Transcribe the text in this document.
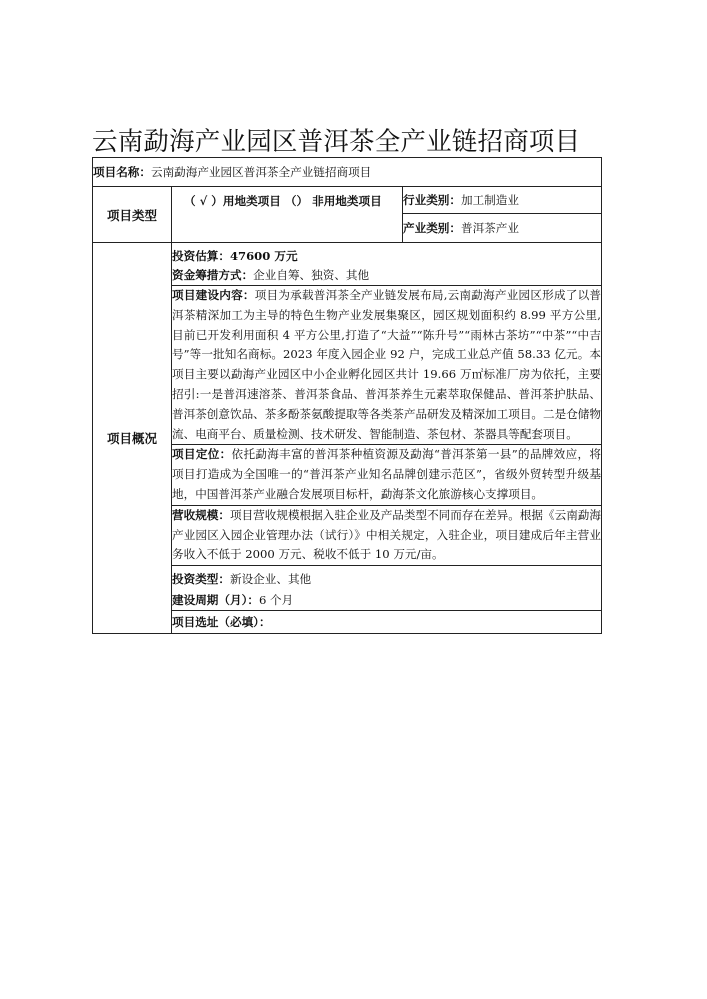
云南勐海产业园区普洱茶全产业链招商项目
项目名称：云南勐海产业园区普洱茶全产业链招商项目		
项目类型	（ √ ）用地类项目 （） 非用地类项目	行业类别：加工制造业
		产业类别：普洱茶产业
项目概况	投资估算：47600 万元
资金筹措方式：企业自筹、独资、其他	

	项目建设内容：项目为承载普洱茶全产业链发展布局,云南勐海产业园区形成了以普洱茶精深加工为主导的特色生物产业发展集聚区，园区规划面积约 8.99 平方公里,目前已开发利用面积 4 平方公里,打造了“大益”“陈升号”“雨林古茶坊”“中茶”“中吉号”等一批知名商标。2023 年度入园企业 92 户，完成工业总产值 58.33 亿元。本项目主要以勐海产业园区中小企业孵化园区共计 19.66 万㎡标准厂房为依托，主要招引:一是普洱速溶茶、普洱茶食品、普洱茶养生元素萃取保健品、普洱茶护肤品、普洱茶创意饮品、茶多酚茶氨酸提取等各类茶产品研发及精深加工项目。二是仓储物流、电商平台、质量检测、技术研发、智能制造、茶包材、茶器具等配套项目。	
	项目定位：依托勐海丰富的普洱茶种植资源及勐海“普洱茶第一县”的品牌效应，将项目打造成为全国唯一的“普洱茶产业知名品牌创建示范区”，省级外贸转型升级基地，中国普洱茶产业融合发展项目标杆，勐海茶文化旅游核心支撑项目。	
	营收规模：项目营收规模根据入驻企业及产品类型不同而存在差异。根据《云南勐海产业园区入园企业管理办法（试行）》中相关规定，入驻企业，项目建成后年主营业务收入不低于 2000 万元、税收不低于 10 万元/亩。	

	投资类型：新设企业、其他
建设周期（月）：6 个月	

	项目选址（必填）：	
